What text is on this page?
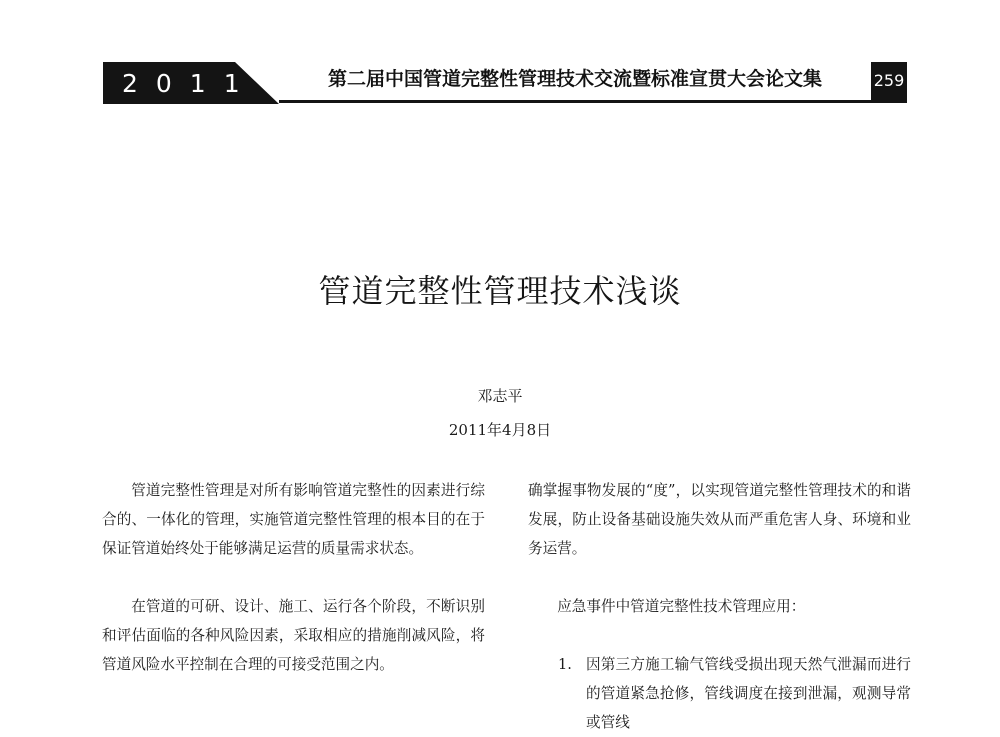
2011	第二届中国管道完整性管理技术交流暨标准宣贯大会论文集	259
管道完整性管理技术浅谈
邓志平
2011年4月8日

管道完整性管理是对所有影响管道完整性的因素进行综合的、一体化的管理，实施管道完整性管理的根本目的在于保证管道始终处于能够满足运营的质量需求状态。

在管道的可研、设计、施工、运行各个阶段，不断识别和评估面临的各种风险因素，采取相应的措施削减风险，将管道风险水平控制在合理的可接受范围之内。

确掌握事物发展的“度”，以实现管道完整性管理技术的和谐发展，防止设备基础设施失效从而严重危害人身、环境和业务运营。

应急事件中管道完整性技术管理应用：

1. 因第三方施工输气管线受损出现天然气泄漏而进行的管道紧急抢修，管线调度在接到泄漏，观测导常或管线
